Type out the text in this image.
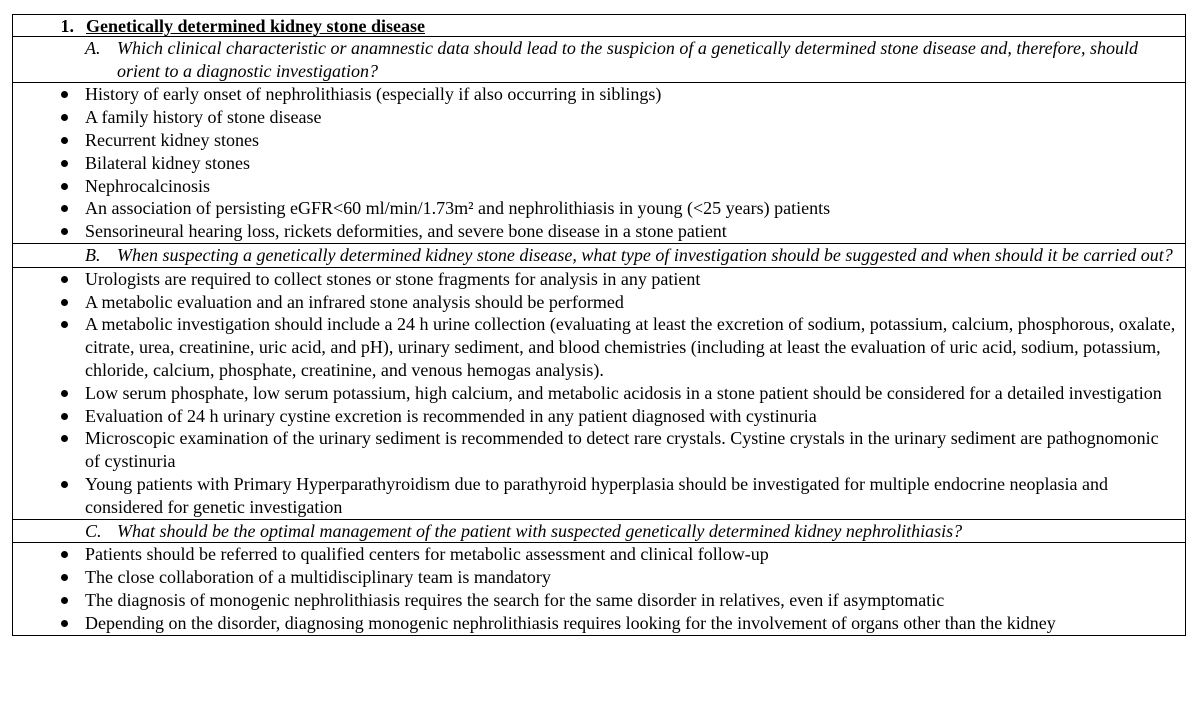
1. Genetically determined kidney stone disease
A. Which clinical characteristic or anamnestic data should lead to the suspicion of a genetically determined stone disease and, therefore, should orient to a diagnostic investigation?
History of early onset of nephrolithiasis (especially if also occurring in siblings)
A family history of stone disease
Recurrent kidney stones
Bilateral kidney stones
Nephrocalcinosis
An association of persisting eGFR<60 ml/min/1.73m² and nephrolithiasis in young (<25 years) patients
Sensorineural hearing loss, rickets deformities, and severe bone disease in a stone patient
B. When suspecting a genetically determined kidney stone disease, what type of investigation should be suggested and when should it be carried out?
Urologists are required to collect stones or stone fragments for analysis in any patient
A metabolic evaluation and an infrared stone analysis should be performed
A metabolic investigation should include a 24 h urine collection (evaluating at least the excretion of sodium, potassium, calcium, phosphorous, oxalate, citrate, urea, creatinine, uric acid, and pH), urinary sediment, and blood chemistries (including at least the evaluation of uric acid, sodium, potassium, chloride, calcium, phosphate, creatinine, and venous hemogas analysis).
Low serum phosphate, low serum potassium, high calcium, and metabolic acidosis in a stone patient should be considered for a detailed investigation
Evaluation of 24 h urinary cystine excretion is recommended in any patient diagnosed with cystinuria
Microscopic examination of the urinary sediment is recommended to detect rare crystals. Cystine crystals in the urinary sediment are pathognomonic of cystinuria
Young patients with Primary Hyperparathyroidism due to parathyroid hyperplasia should be investigated for multiple endocrine neoplasia and considered for genetic investigation
C. What should be the optimal management of the patient with suspected genetically determined kidney nephrolithiasis?
Patients should be referred to qualified centers for metabolic assessment and clinical follow-up
The close collaboration of a multidisciplinary team is mandatory
The diagnosis of monogenic nephrolithiasis requires the search for the same disorder in relatives, even if asymptomatic
Depending on the disorder, diagnosing monogenic nephrolithiasis requires looking for the involvement of organs other than the kidney
